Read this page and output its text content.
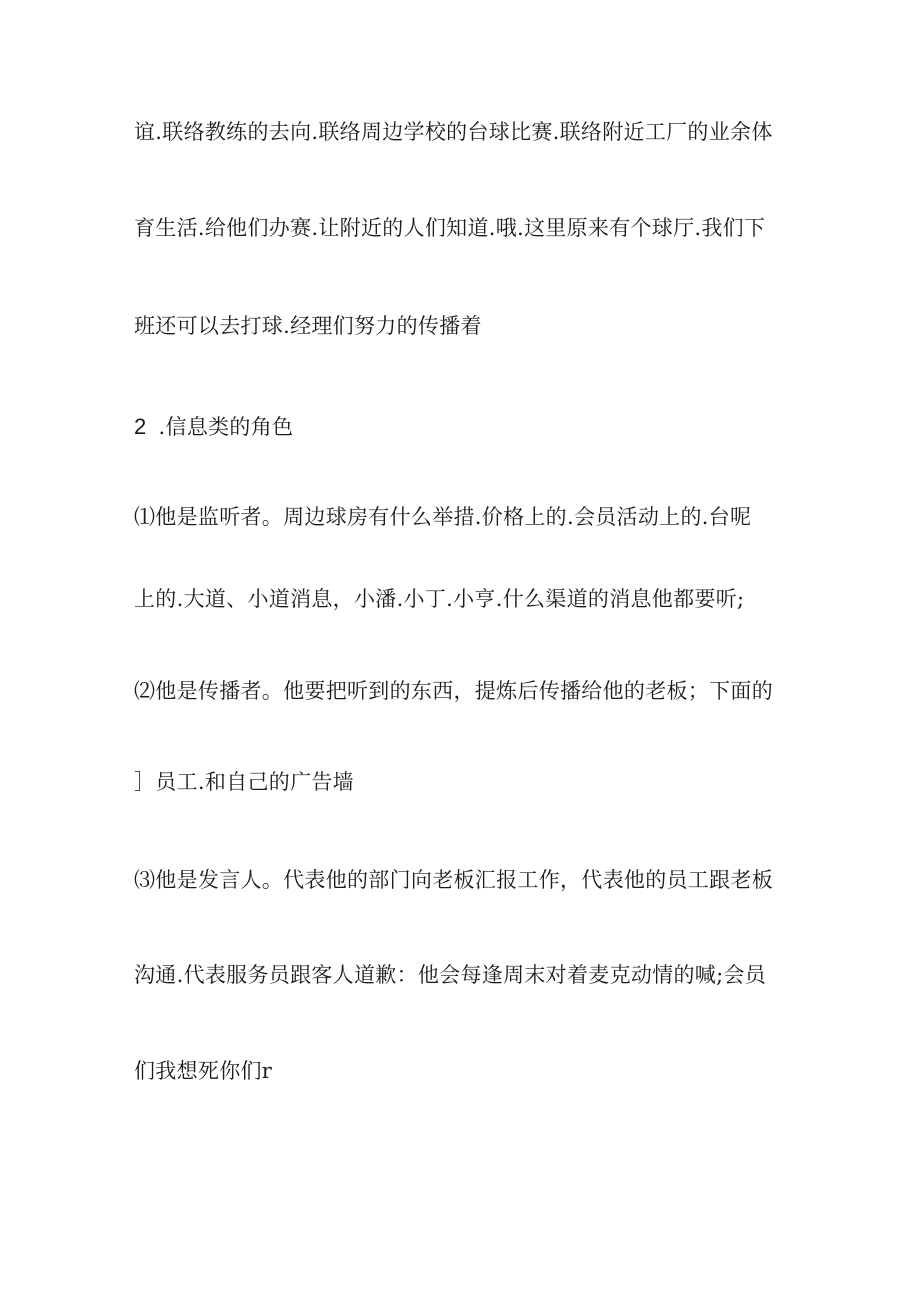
谊.联络教练的去向.联络周边学校的台球比赛.联络附近工厂的业余体
育生活.给他们办赛.让附近的人们知道.哦.这里原来有个球厅.我们下
班还可以去打球.经理们努力的传播着
2 .信息类的角色
⑴他是监听者。周边球房有什么举措.价格上的.会员活动上的.台呢
上的.大道、小道消息，小潘.小丁.小亨.什么渠道的消息他都要听;
⑵他是传播者。他要把听到的东西，提炼后传播给他的老板；下面的
］员工.和自己的广告墙
⑶他是发言人。代表他的部门向老板汇报工作，代表他的员工跟老板
沟通.代表服务员跟客人道歉：他会每逢周末对着麦克动情的喊;会员
们我想死你们r
